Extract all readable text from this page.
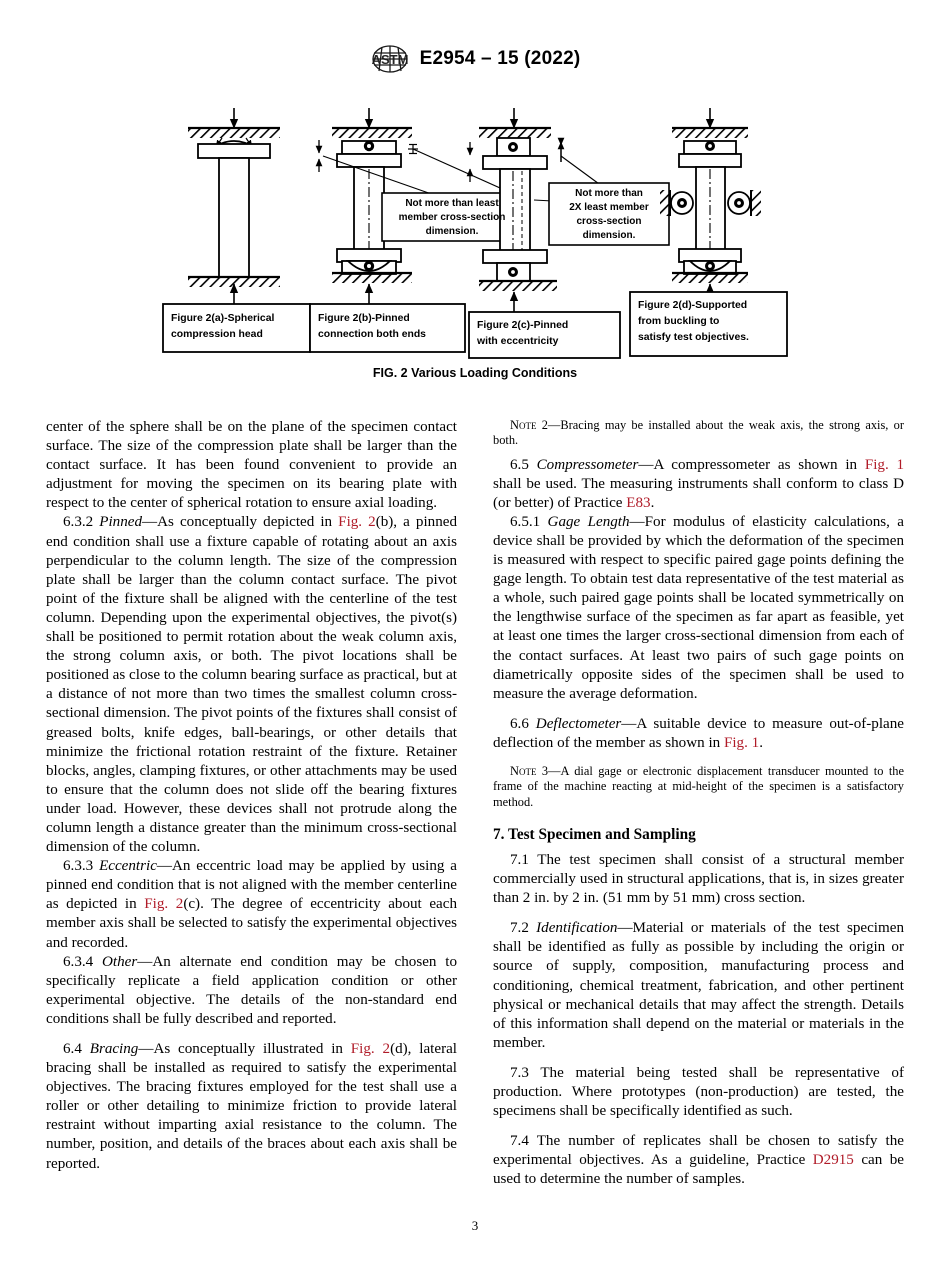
ASTM E2954 – 15 (2022)
Not more than least
member cross-section
dimension.
Not more than
2X least member
cross-section
dimension.
Figure 2(a)-Spherical
compression head
Figure 2(b)-Pinned
connection both ends
Figure 2(c)-Pinned
with eccentricity
Figure 2(d)-Supported
from buckling to
satisfy test objectives.
FIG. 2 Various Loading Conditions

center of the sphere shall be on the plane of the specimen contact surface. The size of the compression plate shall be larger than the contact surface. It has been found convenient to provide an adjustment for moving the specimen on its bearing plate with respect to the center of spherical rotation to ensure axial loading.

6.3.2 Pinned—As conceptually depicted in Fig. 2(b), a pinned end condition shall use a fixture capable of rotating about an axis perpendicular to the column length. The size of the compression plate shall be larger than the column contact surface. The pivot point of the fixture shall be aligned with the centerline of the test column. Depending upon the experimental objectives, the pivot(s) shall be positioned to permit rotation about the weak column axis, the strong column axis, or both. The pivot locations shall be positioned as close to the column bearing surface as practical, but at a distance of not more than two times the smallest column cross-sectional dimension. The pivot points of the fixtures shall consist of greased bolts, knife edges, ball-bearings, or other details that minimize the frictional rotation restraint of the fixture. Retainer blocks, angles, clamping fixtures, or other attachments may be used to ensure that the column does not slide off the bearing fixtures under load. However, these devices shall not protrude along the column length a distance greater than the minimum cross-sectional dimension of the column.

6.3.3 Eccentric—An eccentric load may be applied by using a pinned end condition that is not aligned with the member centerline as depicted in Fig. 2(c). The degree of eccentricity about each member axis shall be selected to satisfy the experimental objectives and recorded.

6.3.4 Other—An alternate end condition may be chosen to specifically replicate a field application condition or other experimental objective. The details of the non-standard end conditions shall be fully described and reported.

6.4 Bracing—As conceptually illustrated in Fig. 2(d), lateral bracing shall be installed as required to satisfy the experimental objectives. The bracing fixtures employed for the test shall use a roller or other detailing to minimize friction to provide lateral restraint without imparting axial resistance to the column. The number, position, and details of the braces about each axis shall be reported.

Note 2—Bracing may be installed about the weak axis, the strong axis, or both.

6.5 Compressometer—A compressometer as shown in Fig. 1 shall be used. The measuring instruments shall conform to class D (or better) of Practice E83.

6.5.1 Gage Length—For modulus of elasticity calculations, a device shall be provided by which the deformation of the specimen is measured with respect to specific paired gage points defining the gage length. To obtain test data representative of the test material as a whole, such paired gage points shall be located symmetrically on the lengthwise surface of the specimen as far apart as feasible, yet at least one times the larger cross-sectional dimension from each of the contact surfaces. At least two pairs of such gage points on diametrically opposite sides of the specimen shall be used to measure the average deformation.

6.6 Deflectometer—A suitable device to measure out-of-plane deflection of the member as shown in Fig. 1.

Note 3—A dial gage or electronic displacement transducer mounted to the frame of the machine reacting at mid-height of the specimen is a satisfactory method.

7. Test Specimen and Sampling

7.1 The test specimen shall consist of a structural member commercially used in structural applications, that is, in sizes greater than 2 in. by 2 in. (51 mm by 51 mm) cross section.

7.2 Identification—Material or materials of the test specimen shall be identified as fully as possible by including the origin or source of supply, composition, manufacturing process and conditioning, chemical treatment, fabrication, and other pertinent physical or mechanical details that may affect the strength. Details of this information shall depend on the material or materials in the member.

7.3 The material being tested shall be representative of production. Where prototypes (non-production) are tested, the specimens shall be specifically identified as such.

7.4 The number of replicates shall be chosen to satisfy the experimental objectives. As a guideline, Practice D2915 can be used to determine the number of samples.

3
